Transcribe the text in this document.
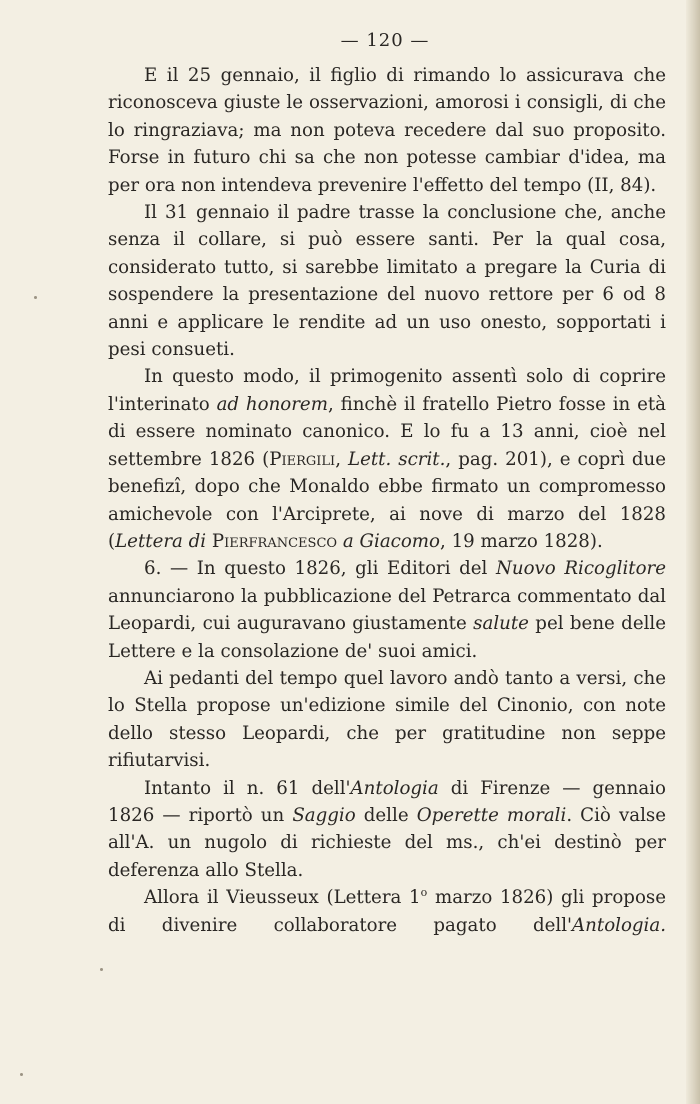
— 120 —

E il 25 gennaio, il figlio di rimando lo assicurava che riconosceva giuste le osservazioni, amorosi i consigli, di che lo ringraziava; ma non poteva recedere dal suo proposito. Forse in futuro chi sa che non potesse cambiar d'idea, ma per ora non intendeva prevenire l'effetto del tempo (II, 84).

Il 31 gennaio il padre trasse la conclusione che, anche senza il collare, si può essere santi. Per la qual cosa, considerato tutto, si sarebbe limitato a pregare la Curia di sospendere la presentazione del nuovo rettore per 6 od 8 anni e applicare le rendite ad un uso onesto, sopportati i pesi consueti.

In questo modo, il primogenito assentì solo di coprire l'interinato ad honorem, finchè il fratello Pietro fosse in età di essere nominato canonico. E lo fu a 13 anni, cioè nel settembre 1826 (Piergili, Lett. scrit., pag. 201), e coprì due benefizî, dopo che Monaldo ebbe firmato un compromesso amichevole con l'Arciprete, ai nove di marzo del 1828 (Lettera di Pierfrancesco a Giacomo, 19 marzo 1828).

6. — In questo 1826, gli Editori del Nuovo Ricoglitore annunciarono la pubblicazione del Petrarca commentato dal Leopardi, cui auguravano giustamente salute pel bene delle Lettere e la consolazione de' suoi amici.

Ai pedanti del tempo quel lavoro andò tanto a versi, che lo Stella propose un'edizione simile del Cinonio, con note dello stesso Leopardi, che per gratitudine non seppe rifiutarvisi.

Intanto il n. 61 dell'Antologia di Firenze — gennaio 1826 — riportò un Saggio delle Operette morali. Ciò valse all'A. un nugolo di richieste del ms., ch'ei destinò per deferenza allo Stella.

Allora il Vieusseux (Lettera 1$^o$ marzo 1826) gli propose di divenire collaboratore pagato dell'Antologia.
